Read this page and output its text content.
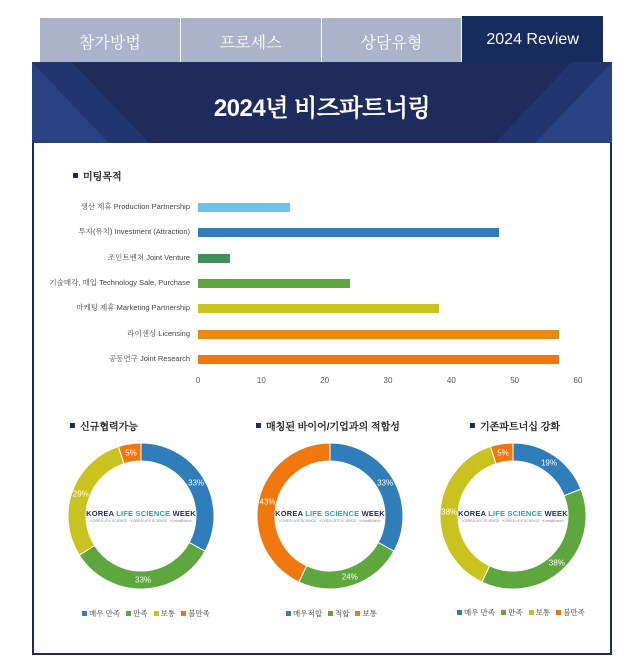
참가방법	프로세스	상담유형	2024 Review
2024년 비즈파트너링
미팅목적
생산 제휴 Production Partnership
투자(유치) Investment (Attraction)
조인트벤쳐 Joint Venture
기술매각, 매입 Technology Sale, Purchase
마케팅 제휴 Marketing Partnership
라이센싱 Licensing
공동연구 Joint Research
0	10	20	30	40	50	60
신규협력가능	매칭된 바이어/기업과의 적합성	기존파트너십 강화
33%
33%
29%
5%
KOREA LIFE SCIENCE WEEK
KOREA LIFE SCIENCE · KOREA LIFE SCIENCE · KoreaBiotech
매우 만족 만족 보통 불만족
33%
24%
43%
KOREA LIFE SCIENCE WEEK
KOREA LIFE SCIENCE · KOREA LIFE SCIENCE · KoreaBiotech
매우적합 적합 보통
19%
38%
38%
5%
KOREA LIFE SCIENCE WEEK
KOREA LIFE SCIENCE · KOREA LIFE SCIENCE · KoreaBiotech
매우 만족 만족 보통 불만족
